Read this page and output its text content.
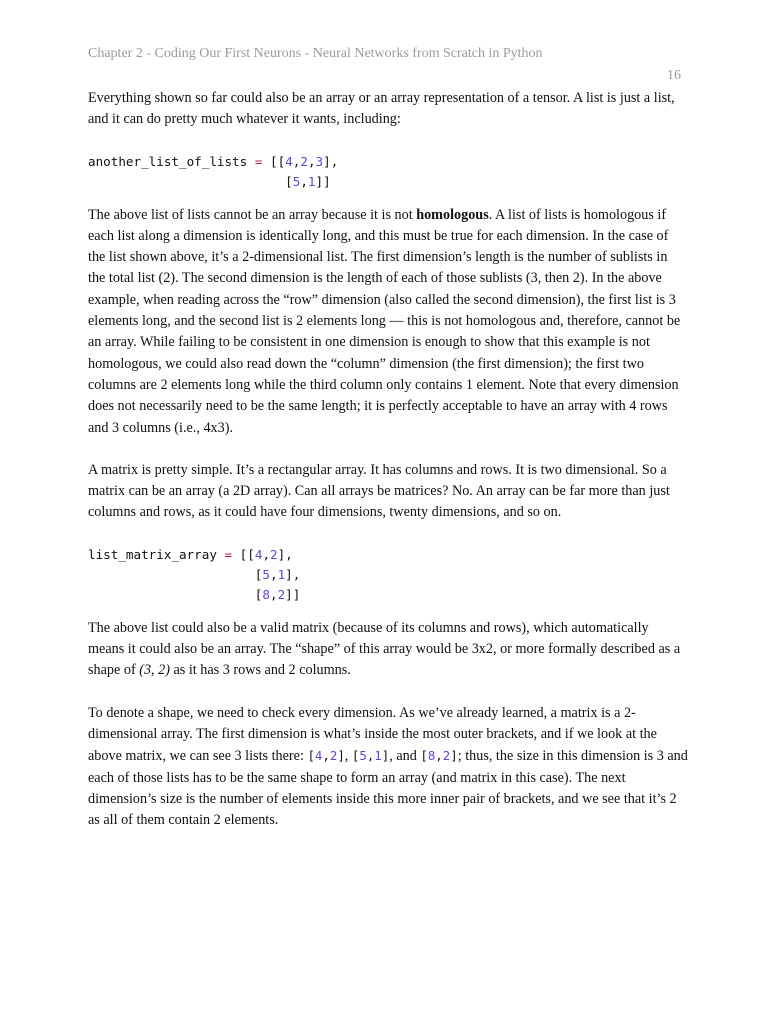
Chapter 2 - Coding Our First Neurons - Neural Networks from Scratch in Python
16

Everything shown so far could also be an array or an array representation of a tensor. A list is just a list, and it can do pretty much whatever it wants, including:

another_list_of_lists = [[4,2,3],
[5,1]]

The above list of lists cannot be an array because it is not homologous. A list of lists is homologous if each list along a dimension is identically long, and this must be true for each dimension. In the case of the list shown above, it’s a 2-dimensional list. The first dimension’s length is the number of sublists in the total list (2). The second dimension is the length of each of those sublists (3, then 2). In the above example, when reading across the “row” dimension (also called the second dimension), the first list is 3 elements long, and the second list is 2 elements long — this is not homologous and, therefore, cannot be an array. While failing to be consistent in one dimension is enough to show that this example is not homologous, we could also read down the “column” dimension (the first dimension); the first two columns are 2 elements long while the third column only contains 1 element. Note that every dimension does not necessarily need to be the same length; it is perfectly acceptable to have an array with 4 rows and 3 columns (i.e., 4x3).

A matrix is pretty simple. It’s a rectangular array. It has columns and rows. It is two dimensional. So a matrix can be an array (a 2D array). Can all arrays be matrices? No. An array can be far more than just columns and rows, as it could have four dimensions, twenty dimensions, and so on.

list_matrix_array = [[4,2],
[5,1],
[8,2]]

The above list could also be a valid matrix (because of its columns and rows), which automatically means it could also be an array. The “shape” of this array would be 3x2, or more formally described as a shape of (3, 2) as it has 3 rows and 2 columns.

To denote a shape, we need to check every dimension. As we’ve already learned, a matrix is a 2-dimensional array. The first dimension is what’s inside the most outer brackets, and if we look at the above matrix, we can see 3 lists there: [4,2], [5,1], and [8,2]; thus, the size in this dimension is 3 and each of those lists has to be the same shape to form an array (and matrix in this case). The next dimension’s size is the number of elements inside this more inner pair of brackets, and we see that it’s 2 as all of them contain 2 elements.
